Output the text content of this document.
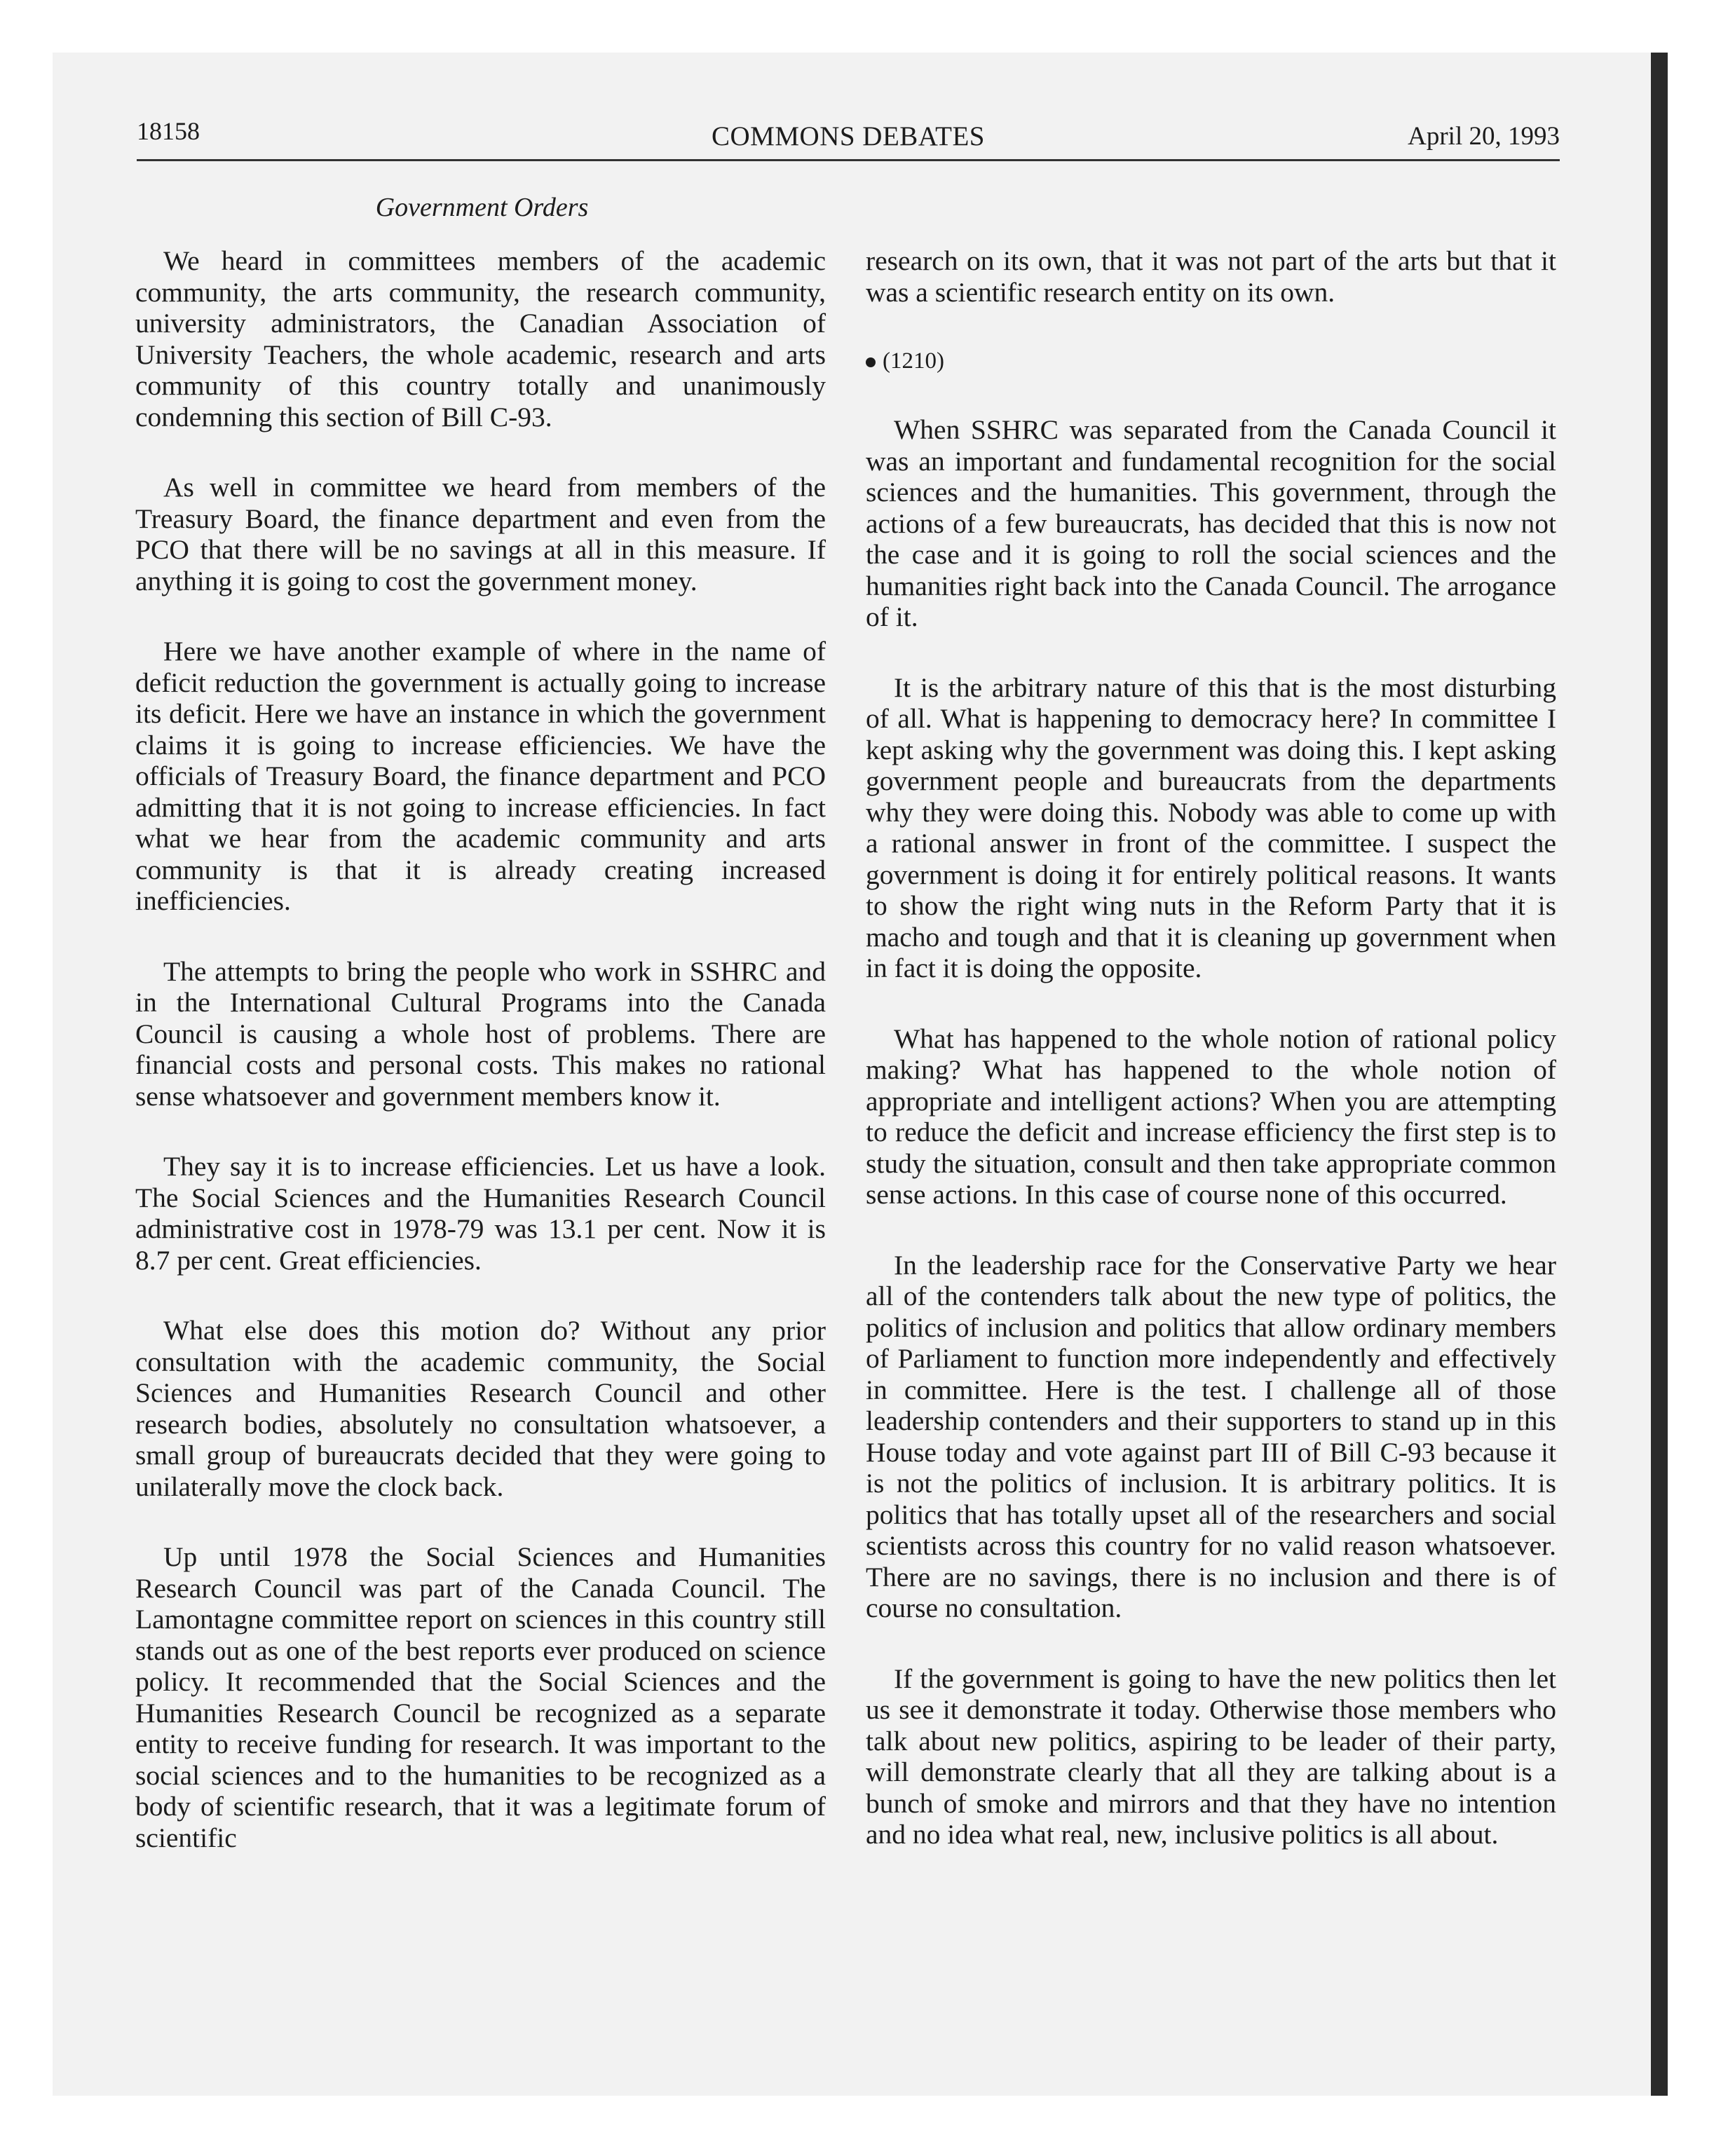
18158	COMMONS DEBATES	April 20, 1993
Government Orders

We heard in committees members of the academic community, the arts community, the research community, university administrators, the Canadian Association of University Teachers, the whole academic, research and arts community of this country totally and unanimously condemning this section of Bill C-93.

As well in committee we heard from members of the Treasury Board, the finance department and even from the PCO that there will be no savings at all in this measure. If anything it is going to cost the government money.

Here we have another example of where in the name of deficit reduction the government is actually going to increase its deficit. Here we have an instance in which the government claims it is going to increase efficiencies. We have the officials of Treasury Board, the finance department and PCO admitting that it is not going to increase efficiencies. In fact what we hear from the academic community and arts community is that it is already creating increased inefficiencies.

The attempts to bring the people who work in SSHRC and in the International Cultural Programs into the Canada Council is causing a whole host of problems. There are financial costs and personal costs. This makes no rational sense whatsoever and government members know it.

They say it is to increase efficiencies. Let us have a look. The Social Sciences and the Humanities Research Council administrative cost in 1978-79 was 13.1 per cent. Now it is 8.7 per cent. Great efficiencies.

What else does this motion do? Without any prior consultation with the academic community, the Social Sciences and Humanities Research Council and other research bodies, absolutely no consultation whatsoever, a small group of bureaucrats decided that they were going to unilaterally move the clock back.

Up until 1978 the Social Sciences and Humanities Research Council was part of the Canada Council. The Lamontagne committee report on sciences in this country still stands out as one of the best reports ever produced on science policy. It recommended that the Social Sciences and the Humanities Research Council be recognized as a separate entity to receive funding for research. It was important to the social sciences and to the humanities to be recognized as a body of scientific research, that it was a legitimate forum of scientific

research on its own, that it was not part of the arts but that it was a scientific research entity on its own.

(1210)

When SSHRC was separated from the Canada Council it was an important and fundamental recognition for the social sciences and the humanities. This government, through the actions of a few bureaucrats, has decided that this is now not the case and it is going to roll the social sciences and the humanities right back into the Canada Council. The arrogance of it.

It is the arbitrary nature of this that is the most disturbing of all. What is happening to democracy here? In committee I kept asking why the government was doing this. I kept asking government people and bureaucrats from the departments why they were doing this. Nobody was able to come up with a rational answer in front of the committee. I suspect the government is doing it for entirely political reasons. It wants to show the right wing nuts in the Reform Party that it is macho and tough and that it is cleaning up government when in fact it is doing the opposite.

What has happened to the whole notion of rational policy making? What has happened to the whole notion of appropriate and intelligent actions? When you are attempting to reduce the deficit and increase efficiency the first step is to study the situation, consult and then take appropriate common sense actions. In this case of course none of this occurred.

In the leadership race for the Conservative Party we hear all of the contenders talk about the new type of politics, the politics of inclusion and politics that allow ordinary members of Parliament to function more independently and effectively in committee. Here is the test. I challenge all of those leadership contenders and their supporters to stand up in this House today and vote against part III of Bill C-93 because it is not the politics of inclusion. It is arbitrary politics. It is politics that has totally upset all of the researchers and social scientists across this country for no valid reason whatsoever. There are no savings, there is no inclusion and there is of course no consultation.

If the government is going to have the new politics then let us see it demonstrate it today. Otherwise those members who talk about new politics, aspiring to be leader of their party, will demonstrate clearly that all they are talking about is a bunch of smoke and mirrors and that they have no intention and no idea what real, new, inclusive politics is all about.
